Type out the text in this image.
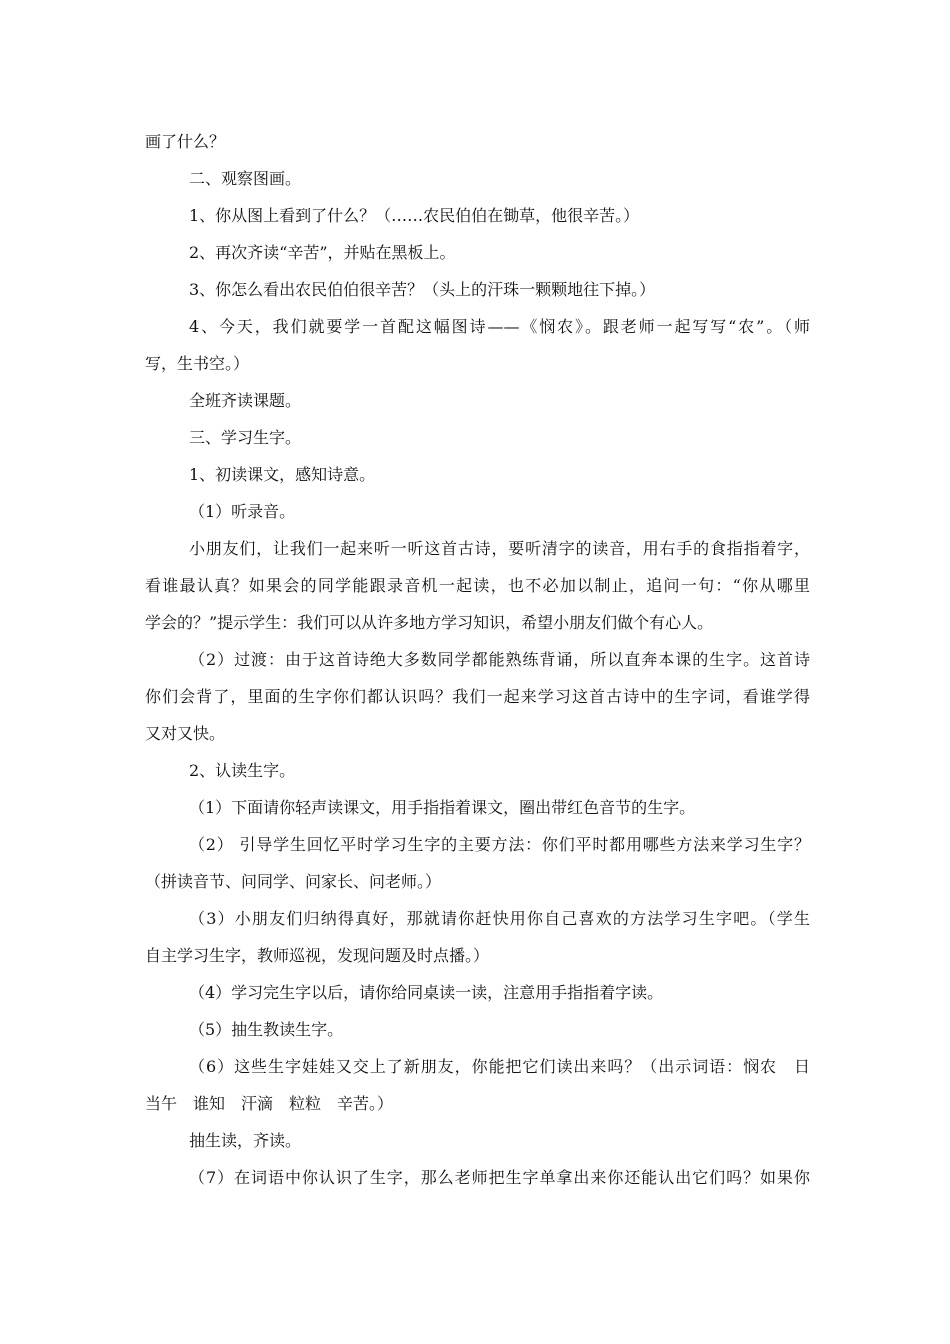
画了什么？
二、观察图画。
1、你从图上看到了什么？（……农民伯伯在锄草，他很辛苦。）
2、再次齐读“辛苦”，并贴在黑板上。
3、你怎么看出农民伯伯很辛苦？（头上的汗珠一颗颗地往下掉。）
4、今天，我们就要学一首配这幅图诗——《悯农》。跟老师一起写写“农”。（师
写，生书空。）
全班齐读课题。
三、学习生字。
1、初读课文，感知诗意。
（1）听录音。
小朋友们，让我们一起来听一听这首古诗，要听清字的读音，用右手的食指指着字，
看谁最认真？如果会的同学能跟录音机一起读，也不必加以制止，追问一句：“你从哪里
学会的？”提示学生：我们可以从许多地方学习知识，希望小朋友们做个有心人。
（2）过渡：由于这首诗绝大多数同学都能熟练背诵，所以直奔本课的生字。这首诗
你们会背了，里面的生字你们都认识吗？我们一起来学习这首古诗中的生字词，看谁学得
又对又快。
2、认读生字。
（1）下面请你轻声读课文，用手指指着课文，圈出带红色音节的生字。
（2） 引导学生回忆平时学习生字的主要方法：你们平时都用哪些方法来学习生字？
（拼读音节、问同学、问家长、问老师。）
（3）小朋友们归纳得真好，那就请你赶快用你自己喜欢的方法学习生字吧。（学生
自主学习生字，教师巡视，发现问题及时点播。）
（4）学习完生字以后，请你给同桌读一读，注意用手指指着字读。
（5）抽生教读生字。
（6）这些生字娃娃又交上了新朋友，你能把它们读出来吗？（出示词语：悯农　日
当午　谁知　汗滴　粒粒　辛苦。）
抽生读，齐读。
（7）在词语中你认识了生字，那么老师把生字单拿出来你还能认出它们吗？如果你
